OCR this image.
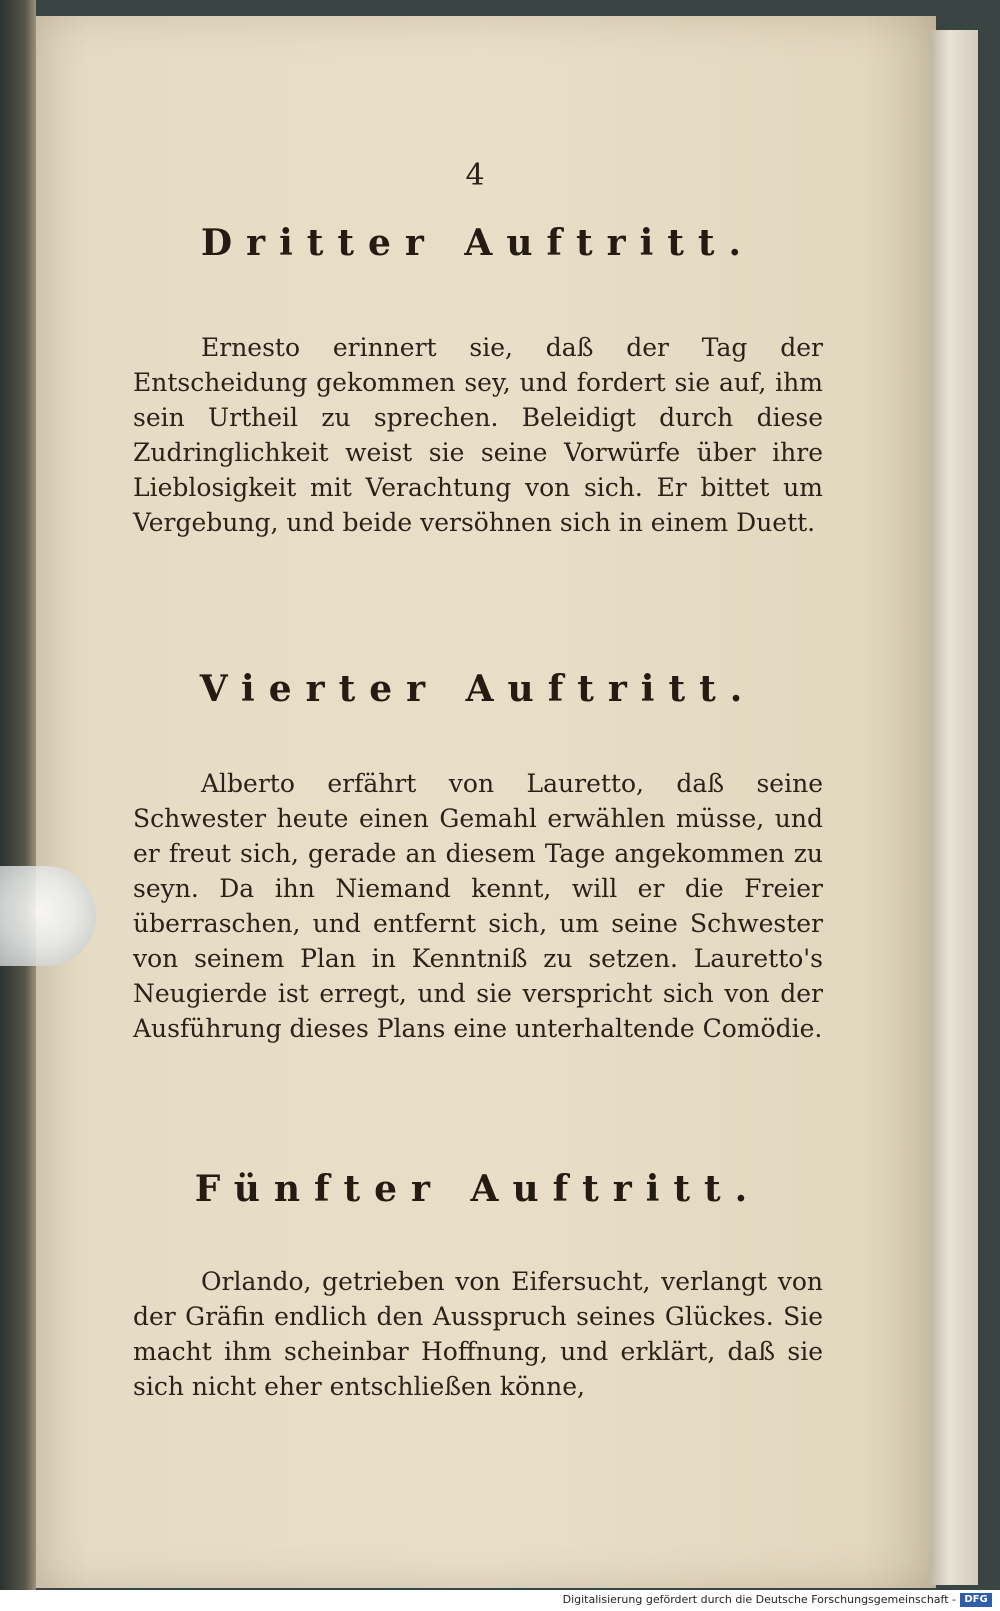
4
Dritter Auftritt.
Ernesto erinnert sie, daß der Tag der Entscheidung gekommen sey, und fordert sie auf, ihm sein Urtheil zu sprechen. Beleidigt durch diese Zudringlichkeit weist sie seine Vorwürfe über ihre Lieblosigkeit mit Verachtung von sich. Er bittet um Vergebung, und beide versöhnen sich in einem Duett.
Vierter Auftritt.
Alberto erfährt von Lauretto, daß seine Schwester heute einen Gemahl erwählen müsse, und er freut sich, gerade an diesem Tage angekommen zu seyn. Da ihn Niemand kennt, will er die Freier überraschen, und entfernt sich, um seine Schwester von seinem Plan in Kenntniß zu setzen. Lauretto's Neugierde ist erregt, und sie verspricht sich von der Ausführung dieses Plans eine unterhaltende Comödie.
Fünfter Auftritt.
Orlando, getrieben von Eifersucht, verlangt von der Gräfin endlich den Ausspruch seines Glückes. Sie macht ihm scheinbar Hoffnung, und erklärt, daß sie sich nicht eher entschließen könne,
Digitalisierung gefördert durch die Deutsche Forschungsgemeinschaft - DFG
